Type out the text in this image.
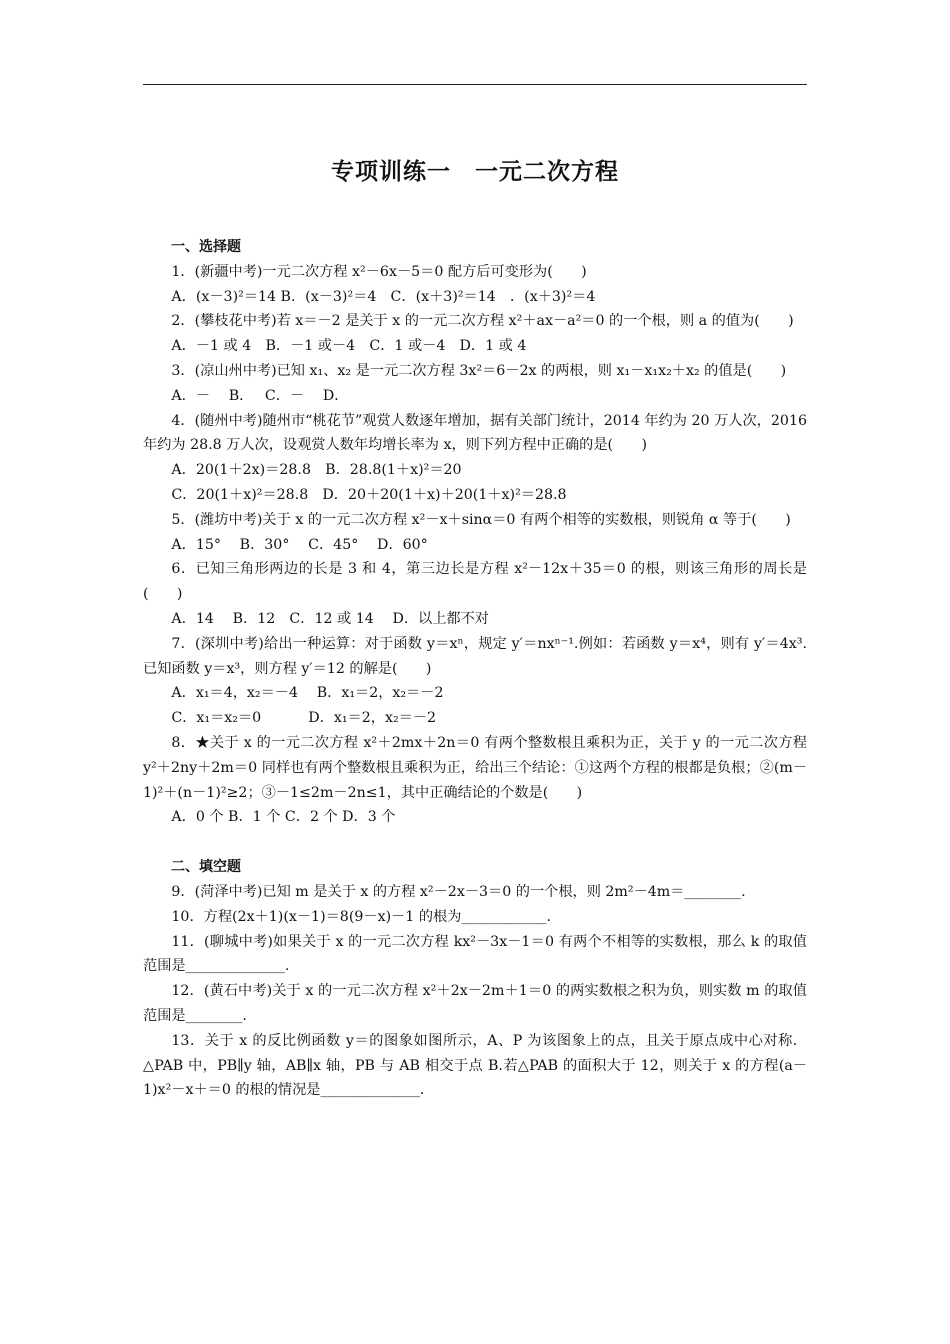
专项训练一　一元二次方程
一、选择题
1．(新疆中考)一元二次方程 x²－6x－5＝0 配方后可变形为(　　)
A．(x－3)²＝14 B．(x－3)²＝4　C．(x＋3)²＝14　．(x＋3)²＝4
2．(攀枝花中考)若 x＝－2 是关于 x 的一元二次方程 x²＋ax－a²＝0 的一个根，则 a 的值为(　　)
A．－1 或 4　B．－1 或－4　C．1 或－4　D．1 或 4
3．(凉山州中考)已知 x₁、x₂ 是一元二次方程 3x²＝6－2x 的两根，则 x₁－x₁x₂＋x₂ 的值是(　　)
A．－　 B．　 C．－　 D．
4．(随州中考)随州市“桃花节”观赏人数逐年增加，据有关部门统计，2014 年约为 20 万人次，2016 年约为 28.8 万人次，设观赏人数年均增长率为 x，则下列方程中正确的是(　　)
A．20(1＋2x)＝28.8　B．28.8(1＋x)²＝20
C．20(1＋x)²＝28.8　D．20＋20(1＋x)＋20(1＋x)²＝28.8
5．(潍坊中考)关于 x 的一元二次方程 x²－x＋sinα＝0 有两个相等的实数根，则锐角 α 等于(　　)
A．15°　 B．30°　 C．45°　 D．60°
6．已知三角形两边的长是 3 和 4，第三边长是方程 x²－12x＋35＝0 的根，则该三角形的周长是(　　)
A．14　 B．12　C．12 或 14　 D．以上都不对
7．(深圳中考)给出一种运算：对于函数 y＝xⁿ，规定 y′＝nxⁿ⁻¹.例如：若函数 y＝x⁴，则有 y′＝4x³.已知函数 y＝x³，则方程 y′＝12 的解是(　　)
A．x₁＝4，x₂＝－4　 B．x₁＝2，x₂＝－2
C．x₁＝x₂＝0　　　 D．x₁＝2，x₂＝－2
8．★关于 x 的一元二次方程 x²＋2mx＋2n＝0 有两个整数根且乘积为正，关于 y 的一元二次方程 y²＋2ny＋2m＝0 同样也有两个整数根且乘积为正，给出三个结论：①这两个方程的根都是负根；②(m－1)²＋(n－1)²≥2；③－1≤2m－2n≤1，其中正确结论的个数是(　　)
A．0 个 B．1 个 C．2 个 D．3 个
二、填空题
9．(菏泽中考)已知 m 是关于 x 的方程 x²－2x－3＝0 的一个根，则 2m²－4m＝________.
10．方程(2x＋1)(x－1)＝8(9－x)－1 的根为____________.
11．(聊城中考)如果关于 x 的一元二次方程 kx²－3x－1＝0 有两个不相等的实数根，那么 k 的取值范围是______________.
12．(黄石中考)关于 x 的一元二次方程 x²＋2x－2m＋1＝0 的两实数根之积为负，则实数 m 的取值范围是________.
13．关于 x 的反比例函数 y＝的图象如图所示，A、P 为该图象上的点，且关于原点成中心对称．△PAB 中，PB∥y 轴，AB∥x 轴，PB 与 AB 相交于点 B.若△PAB 的面积大于 12，则关于 x 的方程(a－1)x²－x＋＝0 的根的情况是______________.
